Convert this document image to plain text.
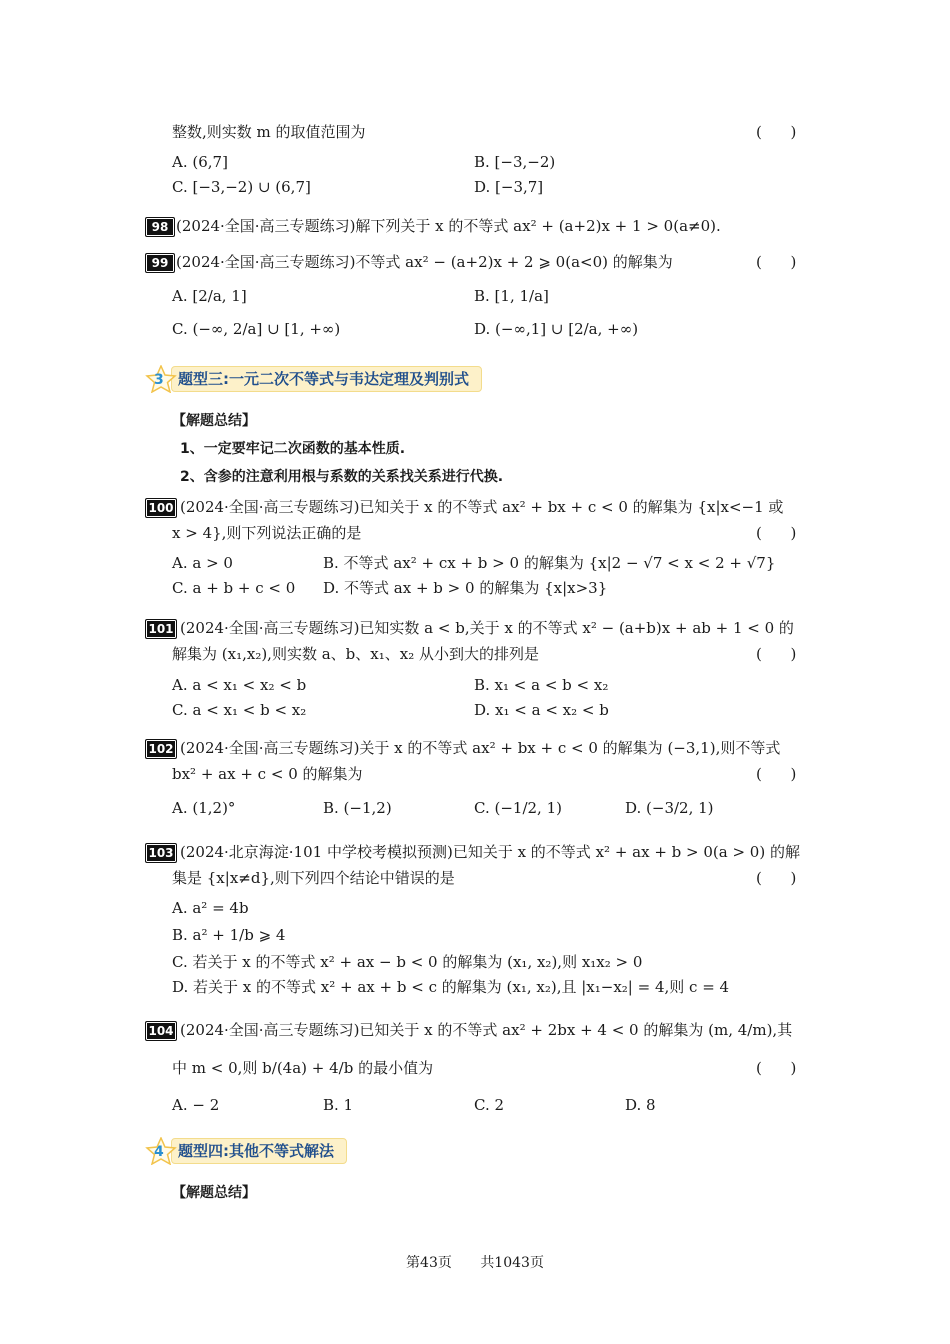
整数,则实数 m 的取值范围为	(      )
A. (6,7]	B. [−3,−2)
C. [−3,−2) ∪ (6,7]	D. [−3,7]
98 (2024·全国·高三专题练习)解下列关于 x 的不等式 ax² + (a+2)x + 1 > 0(a≠0).
99 (2024·全国·高三专题练习)不等式 ax² − (a+2)x + 2 ⩾ 0(a<0) 的解集为	(      )
A. [2/a, 1]	B. [1, 1/a]
C. (−∞, 2/a] ∪ [1, +∞)	D. (−∞,1] ∪ [2/a, +∞)
3 题型三:一元二次不等式与韦达定理及判别式
【解题总结】
1、一定要牢记二次函数的基本性质.
2、含参的注意利用根与系数的关系找关系进行代换.
100 (2024·全国·高三专题练习)已知关于 x 的不等式 ax² + bx + c < 0 的解集为 {x|x<−1 或
x > 4},则下列说法正确的是	(      )
A. a > 0	B. 不等式 ax² + cx + b > 0 的解集为 {x|2 − √7 < x < 2 + √7}
C. a + b + c < 0 D. 不等式 ax + b > 0 的解集为 {x|x>3}
101 (2024·全国·高三专题练习)已知实数 a < b,关于 x 的不等式 x² − (a+b)x + ab + 1 < 0 的
解集为 (x₁,x₂),则实数 a、b、x₁、x₂ 从小到大的排列是	(      )
A. a < x₁ < x₂ < b	B. x₁ < a < b < x₂
C. a < x₁ < b < x₂	D. x₁ < a < x₂ < b
102 (2024·全国·高三专题练习)关于 x 的不等式 ax² + bx + c < 0 的解集为 (−3,1),则不等式
bx² + ax + c < 0 的解集为	(      )
A. (1,2)°	B. (−1,2)	C. (−1/2, 1)	D. (−3/2, 1)
103 (2024·北京海淀·101 中学校考模拟预测)已知关于 x 的不等式 x² + ax + b > 0(a > 0) 的解
集是 {x|x≠d},则下列四个结论中错误的是	(      )
A. a² = 4b
B. a² + 1/b ⩾ 4
C. 若关于 x 的不等式 x² + ax − b < 0 的解集为 (x₁, x₂),则 x₁x₂ > 0
D. 若关于 x 的不等式 x² + ax + b < c 的解集为 (x₁, x₂),且 |x₁−x₂| = 4,则 c = 4
104 (2024·全国·高三专题练习)已知关于 x 的不等式 ax² + 2bx + 4 < 0 的解集为 (m, 4/m),其
中 m < 0,则 b/(4a) + 4/b 的最小值为	(      )
A. − 2	B. 1	C. 2	D. 8
4 题型四:其他不等式解法
【解题总结】
第43页 共1043页
